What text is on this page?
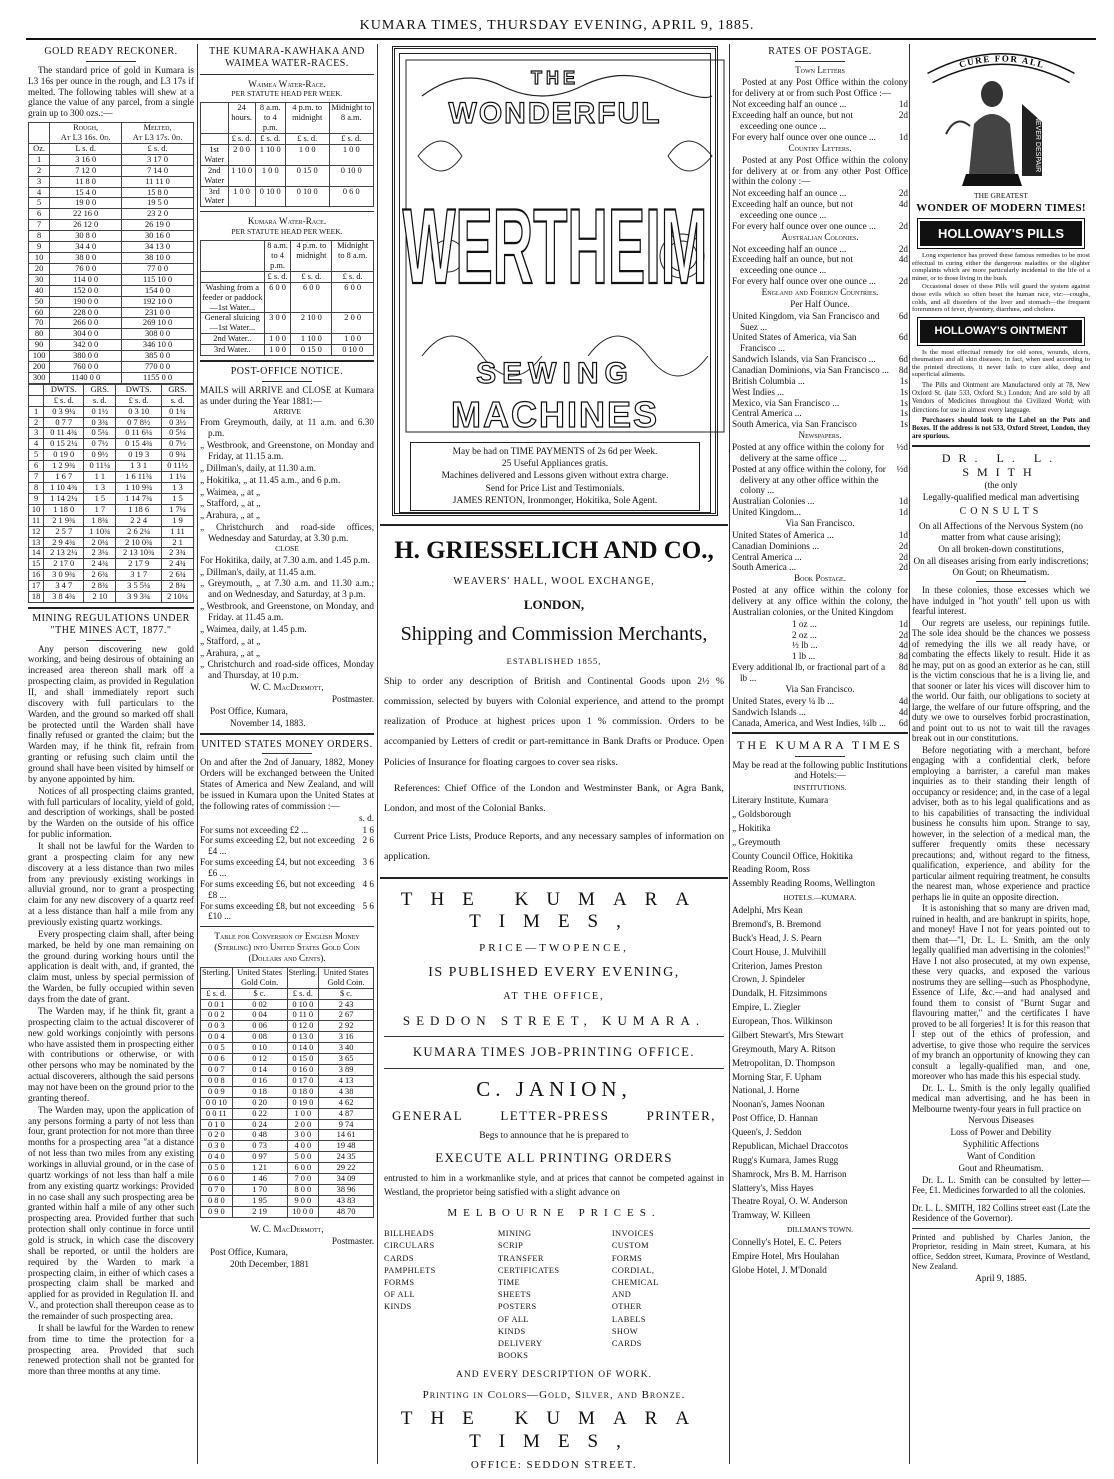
KUMARA TIMES, THURSDAY EVENING, APRIL 9, 1885.
GOLD READY RECKONER.

The standard price of gold in Kumara is L3 16s per ounce in the rough, and L3 17s if melted. The following tables will shew at a glance the value of any parcel, from a single grain up to 300 ozs.:—

	Rough,
At L3 16s. 0d.	Melted,
At L3 17s. 0d.
Oz.	L s. d.	£ s. d.
1	3 16 0	3 17 0
2	7 12 0	7 14 0
3	11 8 0	11 11 0
4	15 4 0	15 8 0
5	19 0 0	19 5 0
6	22 16 0	23 2 0
7	26 12 0	26 19 0
8	30 8 0	30 16 0
9	34 4 0	34 13 0
10	38 0 0	38 10 0
20	76 0 0	77 0 0
30	114 0 0	115 10 0
40	152 0 0	154 0 0
50	190 0 0	192 10 0
60	228 0 0	231 0 0
70	266 0 0	269 10 0
80	304 0 0	308 0 0
90	342 0 0	346 10 0
100	380 0 0	385 0 0
200	760 0 0	770 0 0
300	1140 0 0	1155 0 0
	DWTS.	GRS.	DWTS.	GRS.
	£ s. d.	s. d.	£ s. d.	s. d.
1	0 3 9¼	0 1½	0 3 10	0 1¾
2	0 7 7	0 3¾	0 7 8½	0 3½
3	0 11 4¾	0 5¼	0 11 6¼	0 5¼
4	0 15 2¼	0 7½	0 15 4¾	0 7½
5	0 19 0	0 9½	0 19 3	0 9¾
6	1 2 9¾	0 11¼	1 3 1	0 11½
7	1 6 7	1 1	1 6 11¾	1 1¼
8	1 10 4¾	1 3	1 10 9¾	1 3
9	1 14 2¼	1 5	1 14 7¾	1 5
10	1 18 0	1 7	1 18 6	1 7¼
11	2 1 9¾	1 8¾	2 2 4	1 9
12	2 5 7	1 10¾	2 6 2¼	1 11
13	2 9 4¾	2 0¼	2 10 0¾	2 1
14	2 13 2¼	2 3¼	2 13 10¾	2 3¾
15	2 17 0	2 4¾	2 17 9	2 4¾
16	3 0 9¾	2 6¾	3 1 7	2 6¾
17	3 4 7	2 8¾	3 5 5¼	2 8¾
18	3 8 4¾	2 10	3 9 3¾	2 10¼
MINING REGULATIONS UNDER "THE MINES ACT, 1877."

Any person discovering new gold working, and being desirous of obtaining an increased area thereon shall mark off a prospecting claim, as provided in Regulation II, and shall immediately report such discovery with full particulars to the Warden, and the ground so marked off shall be protected until the Warden shall have finally refused or granted the claim; but the Warden may, if he think fit, refrain from granting or refusing such claim until the ground shall have been visited by himself or by anyone appointed by him.

Notices of all prospecting claims granted, with full particulars of locality, yield of gold, and description of workings, shall be posted by the Warden on the outside of his office for public information.

It shall not be lawful for the Warden to grant a prospecting claim for any new discovery at a less distance than two miles from any previously existing workings in alluvial ground, nor to grant a prospecting claim for any new discovery of a quartz reef at a less distance than half a mile from any previously existing quartz workings.

Every prospecting claim shall, after being marked, be held by one man remaining on the ground during working hours until the application is dealt with, and, if granted, the claim must, unless by special permission of the Warden, be fully occupied within seven days from the date of grant.

The Warden may, if he think fit, grant a prospecting claim to the actual discoverer of new gold workings conjointly with persons who have assisted them in prospecting either with contributions or otherwise, or with other persons who may be nominated by the actual discoverers, although the said persons may not have been on the ground prior to the granting thereof.

The Warden may, upon the application of any persons forming a party of not less than four, grant protection for not more than three months for a prospecting area "at a distance of not less than two miles from any existing workings in alluvial ground, or in the case of quartz workings of not less than half a mile from any existing quartz workings: Provided in no case shall any such prospecting area be granted within half a mile of any other such prospecting area. Provided further that such protection shall only continue in force until gold is struck, in which case the discovery shall be reported, or until the holders are required by the Warden to mark a prospecting claim, in either of which cases a prospecting claim shall be marked and applied for as provided in Regulation II. and V., and protection shall thereupon cease as to the remainder of such prospecting area.

It shall be lawful for the Warden to renew from time to time the protection for a prospecting area. Provided that such renewed protection shall not be granted for more than three months at any time.

THE KUMARA-KAWHAKA AND WAIMEA WATER-RACES.

Waimea Water-Race.

PER STATUTE HEAD PER WEEK.

	24 hours.	8 a.m. to 4 p.m.	4 p.m. to midnight	Midnight to 8 a.m.
	£ s. d.	£ s. d.	£ s. d.	£ s. d.
1st Water	2 0 0	1 10 0	1 0 0	1 0 0
2nd Water	1 10 0	1 0 0	0 15 0	0 10 0
3rd Water	1 0 0	0 10 0	0 10 0	0 6 0

Kumara Water-Race.

PER STATUTE HEAD PER WEEK.

	8 a.m. to 4 p.m.	4 p.m. to midnight	Midnight to 8 a.m.
	£ s. d.	£ s. d.	£ s. d.
Washing from a feeder or paddock—1st Water...	6 0 0	6 0 0	6 0 0
General sluicing—1st Water...	3 0 0	2 10 0	2 0 0
2nd Water..	1 0 0	1 10 0	1 0 0
3rd Water..	1 0 0	0 15 0	0 10 0
POST-OFFICE NOTICE.

MAILS will ARRIVE and CLOSE at Kumara as under during the Year 1881:—

ARRIVE

From Greymouth, daily, at 11 a.m. and 6.30 p.m.

„ Westbrook, and Greenstone, on Monday and Friday, at 11.15 a.m.

„ Dillman's, daily, at 11.30 a.m.

„ Hokitika, „ at 11.45 a.m., and 6 p.m.

„ Waimea, „ at „

„ Stafford, „ at „

„ Arahura, „ at „

„ Christchurch and road-side offices, Wednesday and Saturday, at 3.30 p.m.

CLOSE

For Hokitika, daily, at 7.30 a.m. and 1.45 p.m.

„ Dillman's, daily, at 11.45 a.m.

„ Greymouth, „ at 7.30 a.m. and 11.30 a.m.; and on Wednesday, and Saturday, at 3 p.m.

„ Westbrook, and Greenstone, on Monday, and Friday. at 11.45 a.m.

„ Waimea, daily, at 1.45 p.m.

„ Stafford, „ at „

„ Arahura, „ at „

„ Christchurch and road-side offices, Monday and Thursday, at 10 p.m.

W. C. MacDermott,

Postmaster.

Post Office, Kumara,

November 14, 1883.

UNITED STATES MONEY ORDERS.

On and after the 2nd of January, 1882, Money Orders will be exchanged between the United States of America and New Zealand, and will be issued in Kumara upon the United States at the following rates of commission :—

s. d.

For sums not exceeding £2 ...	1 6
For sums exceeding £2, but not exceeding £4 ...
2 6
For sums exceeding £4, but not exceeding £6 ...
3 6
For sums exceeding £6, but not exceeding £8 ...
4 6
For sums exceeding £8, but not exceeding £10 ...
5 6

Table for Conversion of English Money (Sterling) into United States Gold Coin (Dollars and Cents).

Sterling.	United States Gold Coin.	Sterling.	United States Gold Coin.
£ s. d.	$ c.	£ s. d.	$ c.
0 0 1	0 02	0 10 0	2 43
0 0 2	0 04	0 11 0	2 67
0 0 3	0 06	0 12 0	2 92
0 0 4	0 08	0 13 0	3 16
0 0 5	0 10	0 14 0	3 40
0 0 6	0 12	0 15 0	3 65
0 0 7	0 14	0 16 0	3 89
0 0 8	0 16	0 17 0	4 13
0 0 9	0 18	0 18 0	4 38
0 0 10	0 20	0 19 0	4 62
0 0 11	0 22	1 0 0	4 87
0 1 0	0 24	2 0 0	9 74
0 2 0	0 48	3 0 0	14 61
0 3 0	0 73	4 0 0	19 48
0 4 0	0 97	5 0 0	24 35
0 5 0	1 21	6 0 0	29 22
0 6 0	1 46	7 0 0	34 09
0 7 0	1 70	8 0 0	38 96
0 8 0	1 95	9 0 0	43 83
0 9 0	2 19	10 0 0	48 70

W. C. MacDermott,

Postmaster.

Post Office, Kumara,

20th December, 1881

THE
WONDERFUL
WERTHEIM
SEWING
MACHINES
May be had on TIME PAYMENTS of 2s 6d per Week.
25 Useful Appliances gratis.
Machines delivered and Lessons given without extra charge.
Send for Price List and Testimonials.
JAMES RENTON, Ironmonger, Hokitika, Sole Agent.
H. GRIESSELICH AND CO.,

WEAVERS' HALL, WOOL EXCHANGE,

LONDON,

Shipping and Commission Merchants,

ESTABLISHED 1855,

Ship to order any description of British and Continental Goods upon 2½ % commission, selected by buyers with Colonial experience, and attend to the prompt realization of Produce at highest prices upon 1 % commission. Orders to be accompanied by Letters of credit or part-remittance in Bank Drafts or Produce. Open Policies of Insurance for floating cargoes to cover sea risks.

References: Chief Office of the London and Westminster Bank, or Agra Bank, London, and most of the Colonial Banks.

Current Price Lists, Produce Reports, and any necessary samples of information on application.

THE KUMARA TIMES,

PRICE—TWOPENCE,

IS PUBLISHED EVERY EVENING,

AT THE OFFICE,

SEDDON STREET, KUMARA.

KUMARA TIMES JOB-PRINTING OFFICE.

C. JANION,

GENERAL	LETTER-PRESS	PRINTER,

Begs to announce that he is prepared to

EXECUTE ALL PRINTING ORDERS

entrusted to him in a workmanlike style, and at prices that cannot be competed against in Westland, the proprietor being satisfied with a slight advance on

MELBOURNE PRICES.

BILLHEADS
CIRCULARS
CARDS
PAMPHLETS
FORMS OF ALL KINDS
MINING SCRIP
TRANSFER CERTIFICATES
TIME SHEETS
POSTERS OF ALL KINDS
DELIVERY BOOKS
INVOICES
CUSTOM FORMS
CORDIAL, CHEMICAL
AND OTHER LABELS
SHOW CARDS

AND EVERY DESCRIPTION OF WORK.

Printing in Colors—Gold, Silver, and Bronze.

THE KUMARA TIMES,

OFFICE: SEDDON STREET.

RATES OF POSTAGE.

Town Letters

Posted at any Post Office within the colony for delivery at or from such Post Office :—

Not exceeding half an ounce ...	1d
Exceeding half an ounce, but not exceeding one ounce ...
2d
For every half ounce over one ounce ...	1d

Country Letters.

Posted at any Post Office within the colony for delivery at or from any other Post Office within the colony :—

Not exceeding half an ounce ...	2d
Exceeding half an ounce, but not exceeding one ounce ...
4d
For every half ounce over one ounce ...	2d

Australian Colonies.

Not exceeding half an ounce ...	2d
Exceeding half an ounce, but not exceeding one ounce ...
4d
For every half ounce over one ounce ...	2d

England and Foreign Countries.

Per Half Ounce.

United Kingdom, via San Francisco and Suez ...
6d
United States of America, via San Francisco ...
6d
Sandwich Islands, via San Francisco ...	6d
Canadian Dominions, via San Francisco ...	8d
British Columbia ...	1s
West Indies ...	1s
Mexico, via San Francisco ...	1s
Central America ...	1s
South America, via San Francisco	1s

Newspapers.

Posted at any office within the colony for delivery at the same office ...
½d
Posted at any office within the colony, for delivery at any other office within the colony ...
½d
Australian Colonies ...	1d
United Kingdom...	1d

Via San Francisco.

United States of America ...	1d
Canadian Dominions ...	2d
Central America ...	2d
South America ...	2d

Book Postage.

Posted at any office within the colony for delivery at any office within the colony, the Australian colonies, or the United Kingdom

1 oz ...	1d
2 oz ...	2d
½ lb ...	4d
1 lb ...	8d
Every additional lb, or fractional part of a lb ...
8d

Via San Francisco.

United States, every ¼ lb ...	4d
Sandwich Islands ...	4d
Canada, America, and West Indies, ¼lb ...	6d
THE KUMARA TIMES

May be read at the following public Institutions and Hotels:—

INSTITUTIONS.

Literary Institute, Kumara

„ Goldsborough

„ Hokitika

„ Greymouth

County Council Office, Hokitika

Reading Room, Ross

Assembly Reading Rooms, Wellington

HOTELS.—KUMARA.

Adelphi, Mrs Kean

Bremond's, B. Bremond

Buck's Head, J. S. Pearn

Court House, J. Mulvihill

Criterion, James Preston

Crown, J. Spindeler

Dundalk, H. Fitzsimmons

Empire, L. Ziegler

European, Thos. Wilkinson

Gilbert Stewart's, Mrs Stewart

Greymouth, Mary A. Ritson

Metropolitan, D. Thompson

Morning Star, F. Upham

National, J. Horne

Noonan's, James Noonan

Post Office, D. Hannan

Queen's, J. Seddon

Republican, Michael Draccotos

Rugg's Kumara, James Rugg

Shamrock, Mrs B. M. Harrison

Slattery's, Miss Hayes

Theatre Royal, O. W. Anderson

Tramway, W. Killeen

DILLMAN'S TOWN.

Connelly's Hotel, E. C. Peters

Empire Hotel, Mrs Houlahan

Globe Hotel, J. M'Donald

CURE FOR ALL
NEVER DESPAIR

THE GREATEST

WONDER OF MODERN TIMES!

HOLLOWAY'S PILLS

Long experience has proved these famous remedies to be most effectual in curing either the dangerous maladies or the slighter complaints which are more particularly incidental to the life of a miner, or to those living in the bush.

Occasional doses of these Pills will guard the system against those evils which so often beset the human race, viz:—coughs, colds, and all disorders of the liver and stomach—the frequent forerunners of fever, dysentery, diarrhœa, and cholera.

HOLLOWAY'S OINTMENT

Is the most effectual remedy for old sores, wounds, ulcers, rheumatism and all skin diseases; in fact, when used according to the printed directions, it never fails to cure alike, deep and superficial ailments.

The Pills and Ointment are Manufactured only at 78, New Oxford St. (late 533, Oxford St.) London; And are sold by all Vendors of Medicines throughout the Civilized World; with directions for use in almost every language.

Purchasers should look to the Label on the Pots and Boxes. If the address is not 533, Oxford Street, London, they are spurious.

DR. L. L. SMITH

(the only

Legally-qualified medical man advertising

CONSULTS

On all Affections of the Nervous System (no matter from what cause arising);

On all broken-down constitutions,

On all diseases arising from early indiscretions;

On Gout; on Rheumatism.

In these colonies, those excesses which we have indulged in "hot youth" tell upon us with fearful interest.

Our regrets are useless, our repinings futile. The sole idea should be the chances we possess of remedying the ills we all ready have, or combating the effects likely to result. Hide it as he may, put on as good an exterior as he can, still is the victim conscious that he is a living lie, and that sooner or later his vices will discover him to the world. Our faith, our obligations to society at large, the welfare of our future offspring, and the duty we owe to ourselves forbid procrastination, and point out to us not to wait till the ravages break out in our constitutions.

Before negotiating with a merchant, before engaging with a confidential clerk, before employing a barrister, a careful man makes inquiries as to their standing their length of occupancy or residence; and, in the case of a legal adviser, both as to his legal qualifications and as to his capabilities of transacting the individual business he consults him upon. Strange to say, however, in the selection of a medical man, the sufferer frequently omits these necessary precautions; and, without regard to the fitness, qualification, experience, and ability for the particular ailment requiring treatment, he consults the nearest man, whose experience and practice perhaps lie in quite an opposite direction.

It is astonishing that so many are driven mad, ruined in health, and are bankrupt in spirits, hope, and money! Have I not for years pointed out to them that—"I, Dr. L. L. Smith, am the only legally qualified man advertising in the colonies!" Have I not also prosecuted, at my own expense, these very quacks, and exposed the various nostrums they are selling—such as Phosphodyne, Essence of Life, &c.—and had analysed and found them to consist of "Burnt Sugar and flavouring matter," and the certificates I have proved to be all forgeries! It is for this reason that I step out of the ethics of profession, and advertise, to give those who require the services of my branch an opportunity of knowing they can consult a legally-qualified man, and one, moreover who has made this his especial study.

Dr. L. L. Smith is the only legally qualified medical man advertising, and he has been in Melbourne twenty-four years in full practice on

Nervous Diseases

Loss of Power and Debility

Syphilitic Affections

Want of Condition

Gout and Rheumatism.

Dr. L. L. Smith can be consulted by letter—Fee, £1. Medicines forwarded to all the colonies.

Dr. L. L. SMITH, 182 Collins street east (Late the Residence of the Governor).

Printed and published by Charles Janion, the Proprietor, residing in Main street, Kumara, at his office, Seddon street, Kumara, Province of Westland, New Zealand.

April 9, 1885.
